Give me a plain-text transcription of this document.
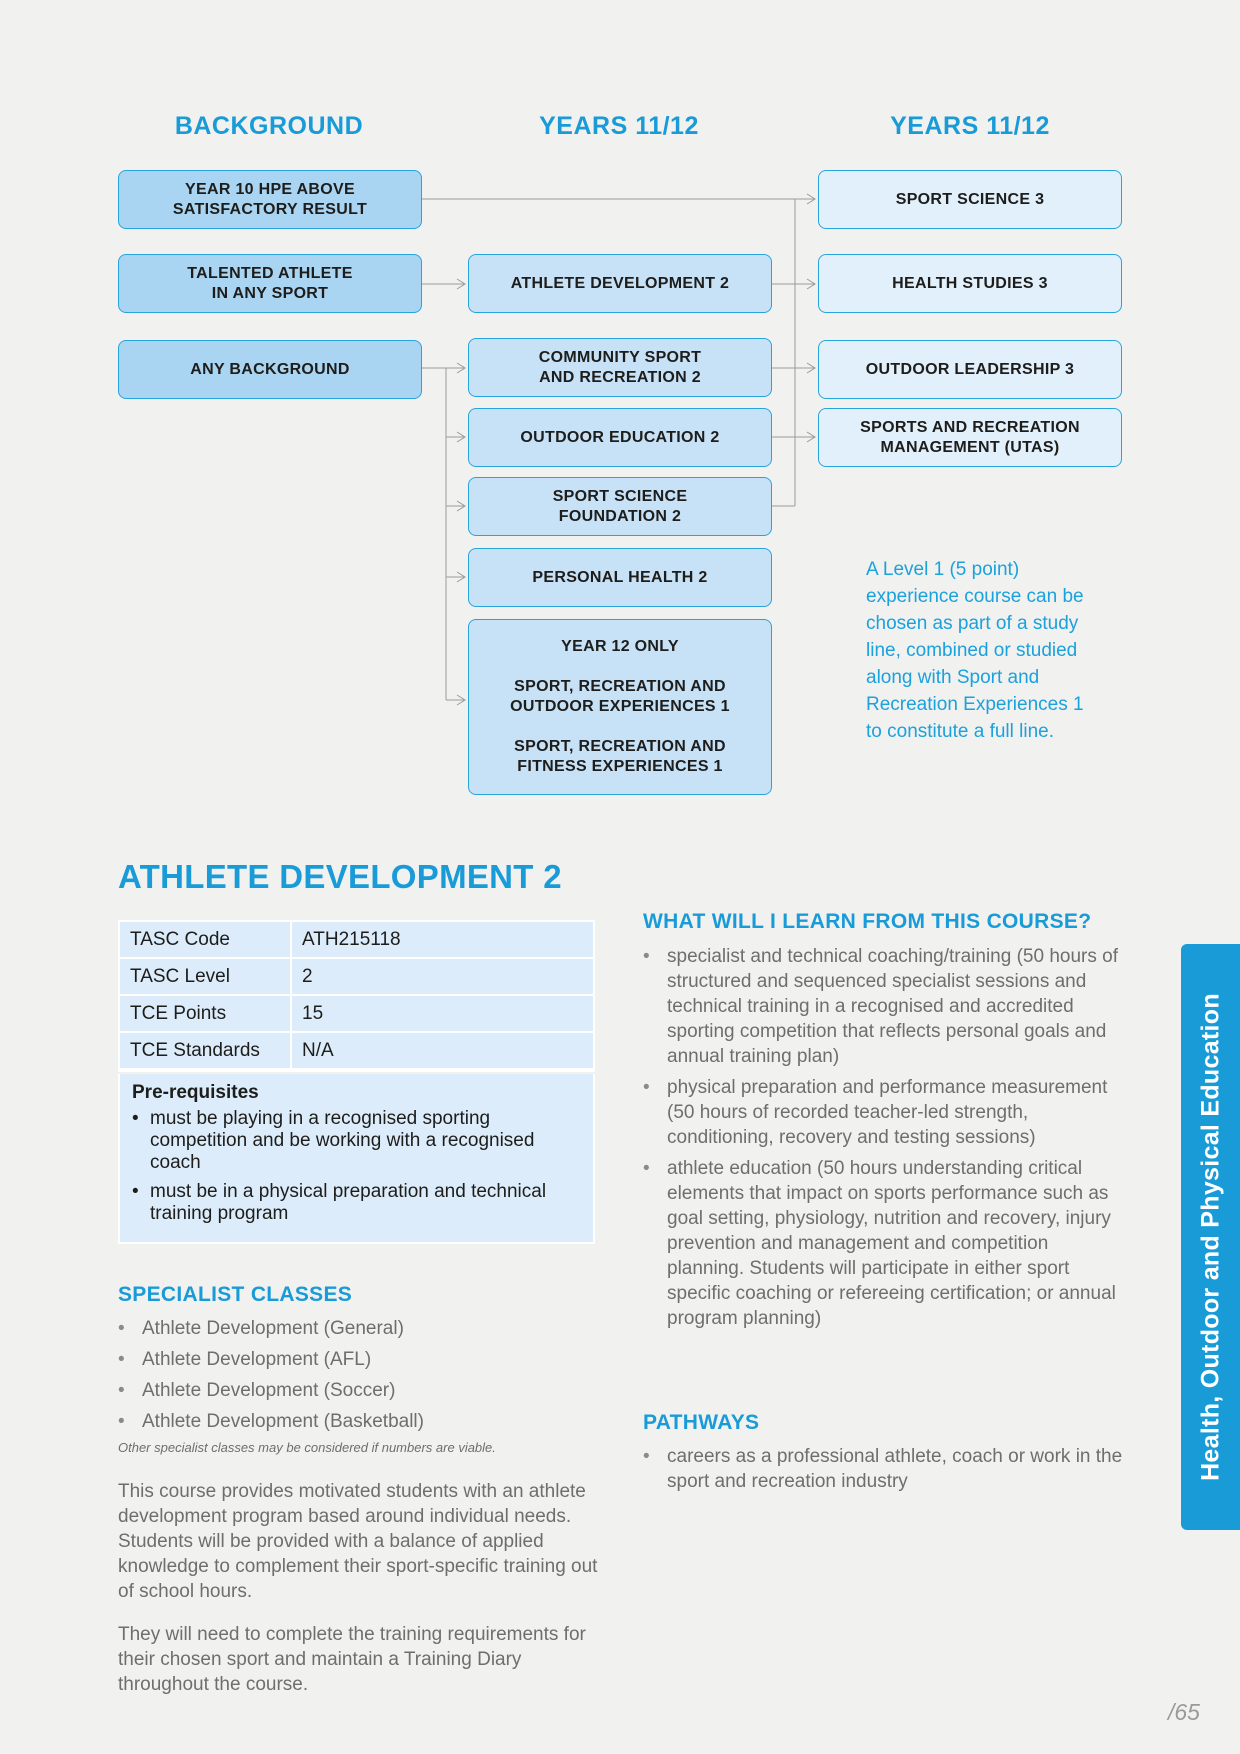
BACKGROUND	YEARS 11/12	YEARS 11/12
YEAR 10 HPE ABOVE
SATISFACTORY RESULT
TALENTED ATHLETE
IN ANY SPORT
ANY BACKGROUND
ATHLETE DEVELOPMENT 2
COMMUNITY SPORT
AND RECREATION 2
OUTDOOR EDUCATION 2
SPORT SCIENCE
FOUNDATION 2
PERSONAL HEALTH 2
YEAR 12 ONLY
SPORT, RECREATION AND
OUTDOOR EXPERIENCES 1
SPORT, RECREATION AND
FITNESS EXPERIENCES 1
SPORT SCIENCE 3
HEALTH STUDIES 3
OUTDOOR LEADERSHIP 3
SPORTS AND RECREATION
MANAGEMENT (UTAS)
A Level 1 (5 point) experience course can be chosen as part of a study line, combined or studied along with Sport and Recreation Experiences 1 to constitute a full line.
ATHLETE DEVELOPMENT 2
TASC Code	ATH215118
TASC Level	2
TCE Points	15
TCE Standards	N/A
Pre-requisites
• must be playing in a recognised sporting competition and be working with a recognised coach
• must be in a physical preparation and technical training program
SPECIALIST CLASSES
• Athlete Development (General)
• Athlete Development (AFL)
• Athlete Development (Soccer)
• Athlete Development (Basketball)
Other specialist classes may be considered if numbers are viable.
This course provides motivated students with an athlete development program based around individual needs. Students will be provided with a balance of applied knowledge to complement their sport-specific training out of school hours.
They will need to complete the training requirements for their chosen sport and maintain a Training Diary throughout the course.
WHAT WILL I LEARN FROM THIS COURSE?
• specialist and technical coaching/training (50 hours of structured and sequenced specialist sessions and technical training in a recognised and accredited sporting competition that reflects personal goals and annual training plan)
• physical preparation and performance measurement (50 hours of recorded teacher-led strength, conditioning, recovery and testing sessions)
• athlete education (50 hours understanding critical elements that impact on sports performance such as goal setting, physiology, nutrition and recovery, injury prevention and management and competition planning. Students will participate in either sport specific coaching or refereeing certification; or annual program planning)
PATHWAYS
• careers as a professional athlete, coach or work in the sport and recreation industry
Health, Outdoor and Physical Education
/65
